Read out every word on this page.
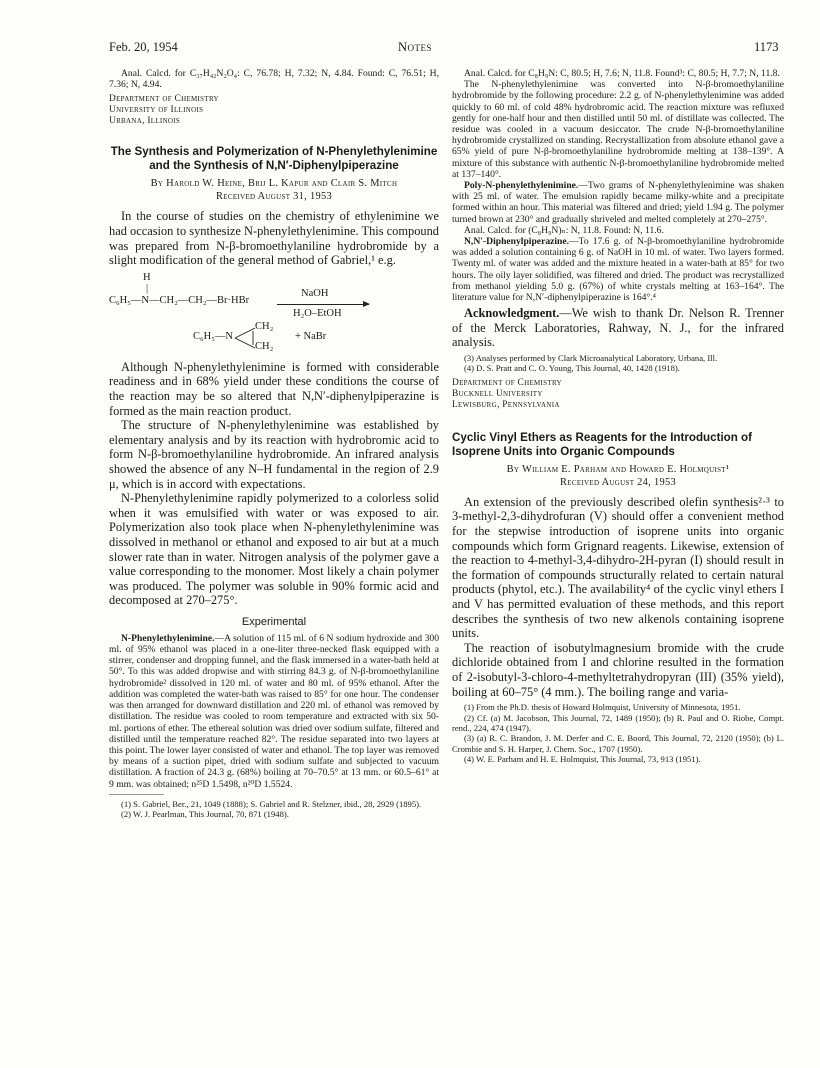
Feb. 20, 1954	Notes	1173

Anal. Calcd. for C₃₇H₄₂N₂O₄: C, 76.78; H, 7.32; N, 4.84. Found: C, 76.51; H, 7.36; N, 4.94.

Department of Chemistry
University of Illinois
Urbana, Illinois
The Synthesis and Polymerization of N-Phenylethylenimine and the Synthesis of N,N′-Diphenylpiperazine
By Harold W. Heine, Brij L. Kapur and Clair S. Mitch
Received August 31, 1953

In the course of studies on the chemistry of ethylenimine we had occasion to synthesize N-phenylethylenimine. This compound was prepared from N-β-bromoethylaniline hydrobromide by a slight modification of the general method of Gabriel,¹ e.g.

H
|
C₆H₅—N—CH₂—CH₂—Br·HBr
NaOH
H₂O–EtOH
CH₂
C₆H₅—N
CH₂
+ NaBr

Although N-phenylethylenimine is formed with considerable readiness and in 68% yield under these conditions the course of the reaction may be so altered that N,N′-diphenylpiperazine is formed as the main reaction product.

The structure of N-phenylethylenimine was established by elementary analysis and by its reaction with hydrobromic acid to form N-β-bromoethylaniline hydrobromide. An infrared analysis showed the absence of any N–H fundamental in the region of 2.9 μ, which is in accord with expectations.

N-Phenylethylenimine rapidly polymerized to a colorless solid when it was emulsified with water or was exposed to air. Polymerization also took place when N-phenylethylenimine was dissolved in methanol or ethanol and exposed to air but at a much slower rate than in water. Nitrogen analysis of the polymer gave a value corresponding to the monomer. Most likely a chain polymer was produced. The polymer was soluble in 90% formic acid and decomposed at 270–275°.

Experimental

N-Phenylethylenimine.—A solution of 115 ml. of 6 N sodium hydroxide and 300 ml. of 95% ethanol was placed in a one-liter three-necked flask equipped with a stirrer, condenser and dropping funnel, and the flask immersed in a water-bath held at 50°. To this was added dropwise and with stirring 84.3 g. of N-β-bromoethylaniline hydrobromide² dissolved in 120 ml. of water and 80 ml. of 95% ethanol. After the addition was completed the water-bath was raised to 85° for one hour. The condenser was then arranged for downward distillation and 220 ml. of ethanol was removed by distillation. The residue was cooled to room temperature and extracted with six 50-ml. portions of ether. The ethereal solution was dried over sodium sulfate, filtered and distilled until the temperature reached 82°. The residue separated into two layers at this point. The lower layer consisted of water and ethanol. The top layer was removed by means of a suction pipet, dried with sodium sulfate and subjected to vacuum distillation. A fraction of 24.3 g. (68%) boiling at 70–70.5° at 13 mm. or 60.5–61° at 9 mm. was obtained; n²⁵D 1.5498, n²⁰D 1.5524.

(1) S. Gabriel, Ber., 21, 1049 (1888); S. Gabriel and R. Stelzner, ibid., 28, 2929 (1895).

(2) W. J. Pearlman, This Journal, 70, 871 (1948).

Anal. Calcd. for C₈H₉N: C, 80.5; H, 7.6; N, 11.8. Found³: C, 80.5; H, 7.7; N, 11.8.

The N-phenylethylenimine was converted into N-β-bromoethylaniline hydrobromide by the following procedure: 2.2 g. of N-phenylethylenimine was added quickly to 60 ml. of cold 48% hydrobromic acid. The reaction mixture was refluxed gently for one-half hour and then distilled until 50 ml. of distillate was collected. The residue was cooled in a vacuum desiccator. The crude N-β-bromoethylaniline hydrobromide crystallized on standing. Recrystallization from absolute ethanol gave a 65% yield of pure N-β-bromoethylaniline hydrobromide melting at 138–139°. A mixture of this substance with authentic N-β-bromoethylaniline hydrobromide melted at 137–140°.

Poly-N-phenylethylenimine.—Two grams of N-phenylethylenimine was shaken with 25 ml. of water. The emulsion rapidly became milky-white and a precipitate formed within an hour. This material was filtered and dried; yield 1.94 g. The polymer turned brown at 230° and gradually shriveled and melted completely at 270–275°.

Anal. Calcd. for (C₈H₉N)ₙ: N, 11.8. Found: N, 11.6.

N,N′-Diphenylpiperazine.—To 17.6 g. of N-β-bromoethylaniline hydrobromide was added a solution containing 6 g. of NaOH in 10 ml. of water. Two layers formed. Twenty ml. of water was added and the mixture heated in a water-bath at 85° for two hours. The oily layer solidified, was filtered and dried. The product was recrystallized from methanol yielding 5.0 g. (67%) of white crystals melting at 163–164°. The literature value for N,N′-diphenylpiperazine is 164°.⁴

Acknowledgment.—We wish to thank Dr. Nelson R. Trenner of the Merck Laboratories, Rahway, N. J., for the infrared analysis.

(3) Analyses performed by Clark Microanalytical Laboratory, Urbana, Ill.

(4) D. S. Pratt and C. O. Young, This Journal, 40, 1428 (1918).

Department of Chemistry
Bucknell University
Lewisburg, Pennsylvania
Cyclic Vinyl Ethers as Reagents for the Introduction of Isoprene Units into Organic Compounds
By William E. Parham and Howard E. Holmquist¹
Received August 24, 1953

An extension of the previously described olefin synthesis²·³ to 3-methyl-2,3-dihydrofuran (V) should offer a convenient method for the stepwise introduction of isoprene units into organic compounds which form Grignard reagents. Likewise, extension of the reaction to 4-methyl-3,4-dihydro-2H-pyran (I) should result in the formation of compounds structurally related to certain natural products (phytol, etc.). The availability⁴ of the cyclic vinyl ethers I and V has permitted evaluation of these methods, and this report describes the synthesis of two new alkenols containing isoprene units.

The reaction of isobutylmagnesium bromide with the crude dichloride obtained from I and chlorine resulted in the formation of 2-isobutyl-3-chloro-4-methyltetrahydropyran (III) (35% yield), boiling at 60–75° (4 mm.). The boiling range and varia-

(1) From the Ph.D. thesis of Howard Holmquist, University of Minnesota, 1951.

(2) Cf. (a) M. Jacobson, This Journal, 72, 1489 (1950); (b) R. Paul and O. Riobe, Compt. rend., 224, 474 (1947).

(3) (a) R. C. Brandon, J. M. Derfer and C. E. Boord, This Journal, 72, 2120 (1950); (b) L. Crombie and S. H. Harper, J. Chem. Soc., 1707 (1950).

(4) W. E. Parham and H. E. Holmquist, This Journal, 73, 913 (1951).
